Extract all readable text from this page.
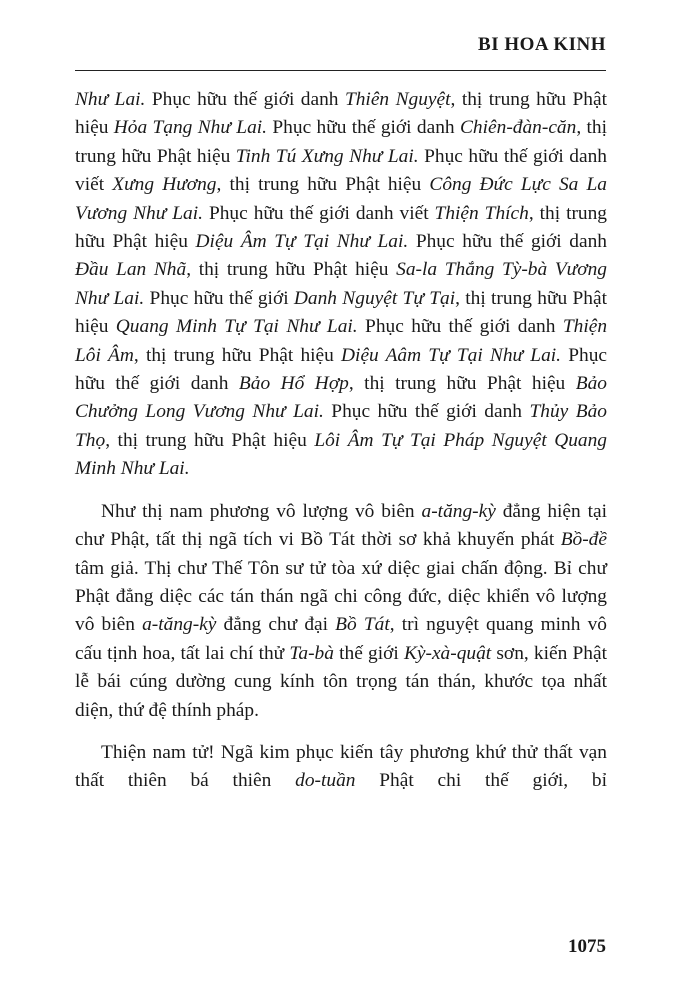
BI HOA KINH

Như Lai. Phục hữu thế giới danh Thiên Nguyệt, thị trung hữu Phật hiệu Hỏa Tạng Như Lai. Phục hữu thế giới danh Chiên-đàn-căn, thị trung hữu Phật hiệu Tinh Tú Xưng Như Lai. Phục hữu thế giới danh viết Xưng Hương, thị trung hữu Phật hiệu Công Đức Lực Sa La Vương Như Lai. Phục hữu thế giới danh viết Thiện Thích, thị trung hữu Phật hiệu Diệu Âm Tự Tại Như Lai. Phục hữu thế giới danh Đầu Lan Nhã, thị trung hữu Phật hiệu Sa-la Thắng Tỳ-bà Vương Như Lai. Phục hữu thế giới Danh Nguyệt Tự Tại, thị trung hữu Phật hiệu Quang Minh Tự Tại Như Lai. Phục hữu thế giới danh Thiện Lôi Âm, thị trung hữu Phật hiệu Diệu Aâm Tự Tại Như Lai. Phục hữu thế giới danh Bảo Hổ Hợp, thị trung hữu Phật hiệu Bảo Chưởng Long Vương Như Lai. Phục hữu thế giới danh Thủy Bảo Thọ, thị trung hữu Phật hiệu Lôi Âm Tự Tại Pháp Nguyệt Quang Minh Như Lai.

Như thị nam phương vô lượng vô biên a-tăng-kỳ đẳng hiện tại chư Phật, tất thị ngã tích vi Bồ Tát thời sơ khả khuyến phát Bồ-đề tâm giả. Thị chư Thế Tôn sư tử tòa xứ diệc giai chấn động. Bỉ chư Phật đẳng diệc các tán thán ngã chi công đức, diệc khiển vô lượng vô biên a-tăng-kỳ đẳng chư đại Bồ Tát, trì nguyệt quang minh vô cấu tịnh hoa, tất lai chí thử Ta-bà thế giới Kỳ-xà-quật sơn, kiến Phật lễ bái cúng dường cung kính tôn trọng tán thán, khước tọa nhất diện, thứ đệ thính pháp.

Thiện nam tử! Ngã kim phục kiến tây phương khứ thử thất vạn thất thiên bá thiên do-tuần Phật chi thế giới, bỉ

1075
